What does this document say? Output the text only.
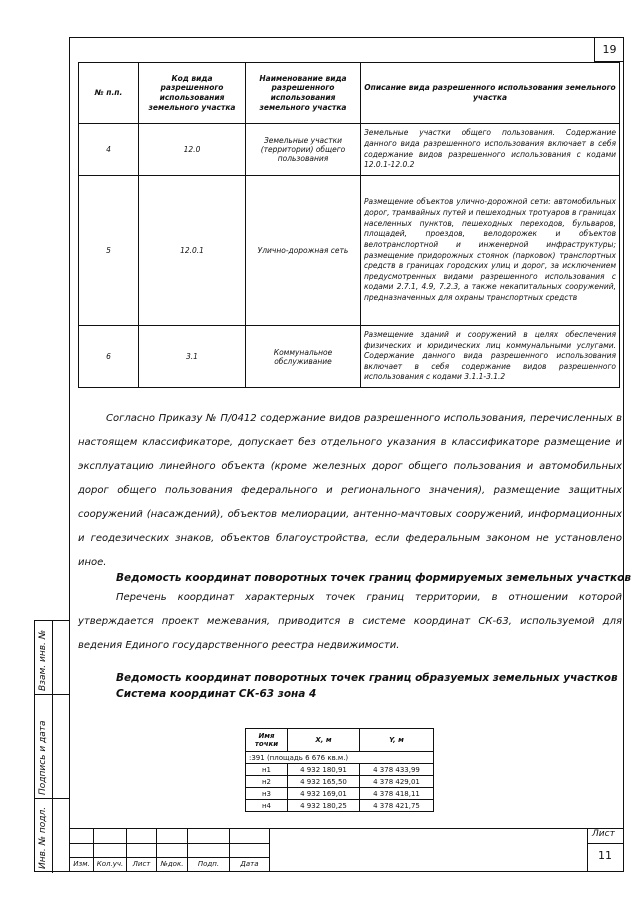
19
№ п.п.	Код вида разрешенного использования земельного участка	Наименование вида разрешенного использования земельного участка	Описание вида разрешенного использования земельного участка
4	12.0	Земельные участки (территории) общего пользования	Земельные участки общего пользования. Содержание данного вида разрешенного использования включает в себя содержание видов разрешенного использования с кодами 12.0.1-12.0.2
5	12.0.1	Улично-дорожная сеть	Размещение объектов улично-дорожной сети: автомобильных дорог, трамвайных путей и пешеходных тротуаров в границах населенных пунктов, пешеходных переходов, бульваров, площадей, проездов, велодорожек и объектов велотранспортной и инженерной инфраструктуры; размещение придорожных стоянок (парковок) транспортных средств в границах городских улиц и дорог, за исключением предусмотренных видами разрешенного использования с кодами 2.7.1, 4.9, 7.2.3, а также некапитальных сооружений, предназначенных для охраны транспортных средств
6	3.1	Коммунальное обслуживание	Размещение зданий и сооружений в целях обеспечения физических и юридических лиц коммунальными услугами. Содержание данного вида разрешенного использования включает в себя содержание видов разрешенного использования с кодами 3.1.1-3.1.2
Согласно Приказу № П/0412 содержание видов разрешенного использования, перечисленных в настоящем классификаторе, допускает без отдельного указания в классификаторе размещение и эксплуатацию линейного объекта (кроме железных дорог общего пользования и автомобильных дорог общего пользования федерального и регионального значения), размещение защитных сооружений (насаждений), объектов мелиорации, антенно-мачтовых сооружений, информационных и геодезических знаков, объектов благоустройства, если федеральным законом не установлено иное.
Ведомость координат поворотных точек границ формируемых земельных участков
Перечень координат характерных точек границ территории, в отношении которой утверждается проект межевания, приводится в системе координат СК-63, используемой для ведения Единого государственного реестра недвижимости.
Ведомость координат поворотных точек границ образуемых земельных участков
Система координат СК-63 зона 4
Имя точки	X, м	Y, м
:391 (площадь 6 676 кв.м.)		
н1	4 932 180,91	4 378 433,99
н2	4 932 165,50	4 378 429,01
н3	4 932 169,01	4 378 418,11
н4	4 932 180,25	4 378 421,75
Взам. инв. №
Подпись и дата
Инв. № подл.	Изм.	Кол.уч.	Лист	№док.	Подп.	Дата
Лист
11
